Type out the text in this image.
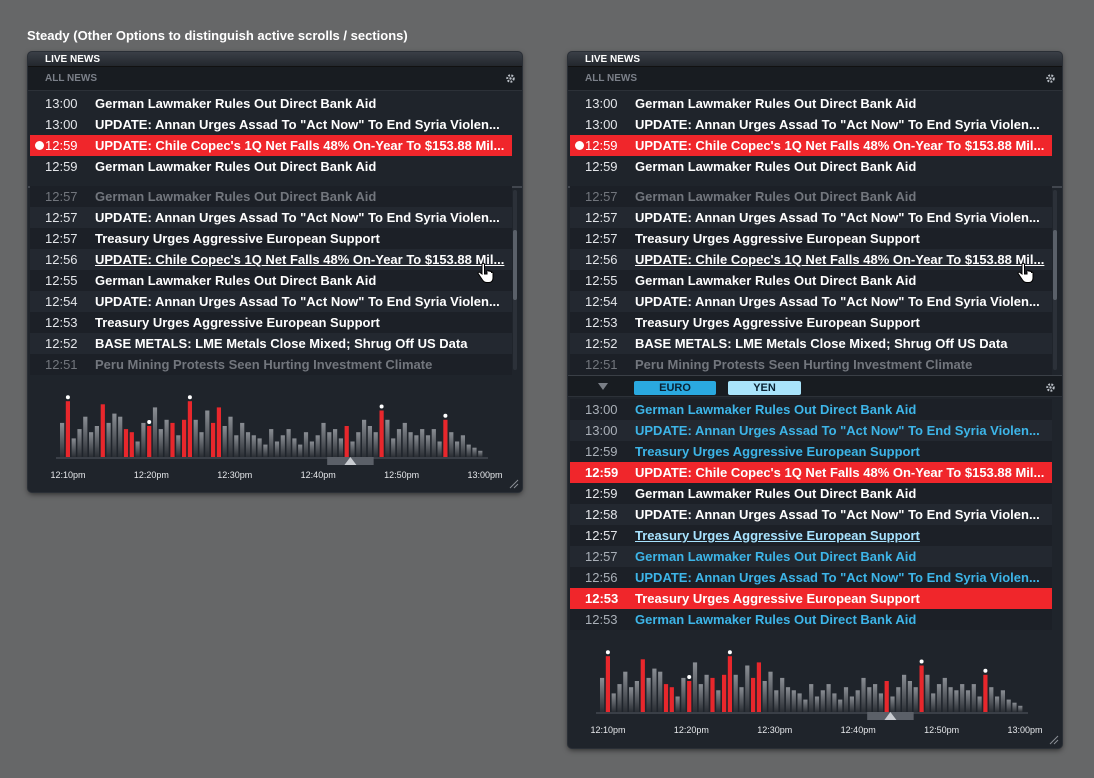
Steady (Other Options to distinguish active scrolls / sections)
LIVE NEWS
ALL NEWS
13:00 German Lawmaker Rules Out Direct Bank Aid
13:00 UPDATE: Annan Urges Assad To "Act Now" To End Syria Violen...
12:59 UPDATE: Chile Copec's 1Q Net Falls 48% On-Year To $153.88 Mil...
12:59 German Lawmaker Rules Out Direct Bank Aid
12:57 German Lawmaker Rules Out Direct Bank Aid
12:57 UPDATE: Annan Urges Assad To "Act Now" To End Syria Violen...
12:57 Treasury Urges Aggressive European Support
12:56 UPDATE: Chile Copec's 1Q Net Falls 48% On-Year To $153.88 Mil...
12:55 German Lawmaker Rules Out Direct Bank Aid
12:54 UPDATE: Annan Urges Assad To "Act Now" To End Syria Violen...
12:53 Treasury Urges Aggressive European Support
12:52 BASE METALS: LME Metals Close Mixed; Shrug Off US Data
12:51 Peru Mining Protests Seen Hurting Investment Climate
12:10pm	12:20pm	12:30pm	12:40pm	12:50pm	13:00pm
LIVE NEWS
ALL NEWS
13:00 German Lawmaker Rules Out Direct Bank Aid
13:00 UPDATE: Annan Urges Assad To "Act Now" To End Syria Violen...
12:59 UPDATE: Chile Copec's 1Q Net Falls 48% On-Year To $153.88 Mil...
12:59 German Lawmaker Rules Out Direct Bank Aid
12:57 German Lawmaker Rules Out Direct Bank Aid
12:57 UPDATE: Annan Urges Assad To "Act Now" To End Syria Violen...
12:57 Treasury Urges Aggressive European Support
12:56 UPDATE: Chile Copec's 1Q Net Falls 48% On-Year To $153.88 Mil...
12:55 German Lawmaker Rules Out Direct Bank Aid
12:54 UPDATE: Annan Urges Assad To "Act Now" To End Syria Violen...
12:53 Treasury Urges Aggressive European Support
12:52 BASE METALS: LME Metals Close Mixed; Shrug Off US Data
12:51 Peru Mining Protests Seen Hurting Investment Climate
EURO	YEN
13:00 German Lawmaker Rules Out Direct Bank Aid
13:00 UPDATE: Annan Urges Assad To "Act Now" To End Syria Violen...
12:59 Treasury Urges Aggressive European Support
12:59 UPDATE: Chile Copec's 1Q Net Falls 48% On-Year To $153.88 Mil...
12:59 German Lawmaker Rules Out Direct Bank Aid
12:58 UPDATE: Annan Urges Assad To "Act Now" To End Syria Violen...
12:57 Treasury Urges Aggressive European Support
12:57 German Lawmaker Rules Out Direct Bank Aid
12:56 UPDATE: Annan Urges Assad To "Act Now" To End Syria Violen...
12:53 Treasury Urges Aggressive European Support
12:53 German Lawmaker Rules Out Direct Bank Aid
12:10pm	12:20pm	12:30pm	12:40pm	12:50pm	13:00pm
